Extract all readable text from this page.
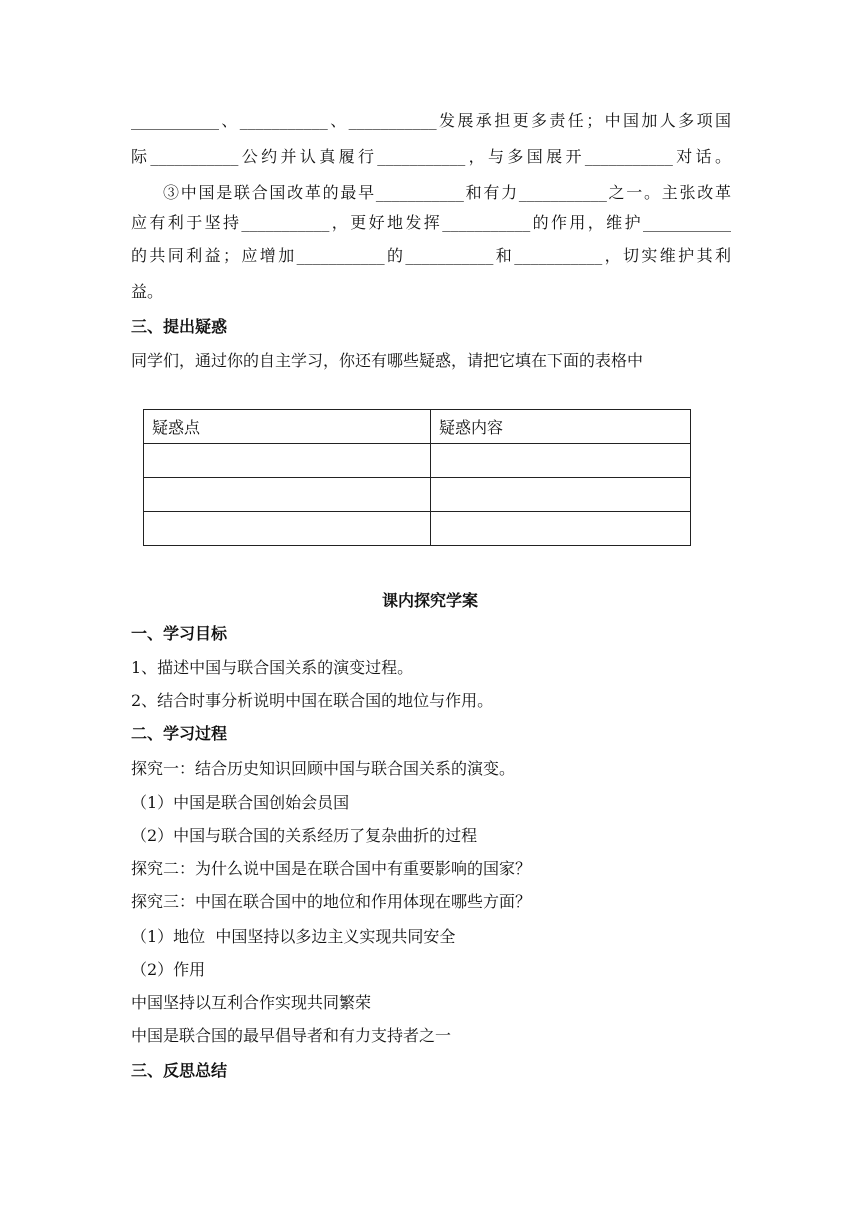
___________、___________、___________发展承担更多责任；中国加人多项国
际___________公约并认真履行___________，与多国展开___________对话。
③中国是联合国改革的最早___________和有力___________之一。主张改革
应有利于坚持___________，更好地发挥___________的作用，维护___________
的共同利益；应增加___________的___________和___________，切实维护其利
益。
三、提出疑惑
同学们，通过你的自主学习，你还有哪些疑惑，请把它填在下面的表格中
疑惑点	疑惑内容

课内探究学案
一、学习目标
1、描述中国与联合国关系的演变过程。
2、结合时事分析说明中国在联合国的地位与作用。
二、学习过程
探究一：结合历史知识回顾中国与联合国关系的演变。
（1）中国是联合国创始会员国
（2）中国与联合国的关系经历了复杂曲折的过程
探究二：为什么说中国是在联合国中有重要影响的国家？
探究三：中国在联合国中的地位和作用体现在哪些方面？
（1）地位  中国坚持以多边主义实现共同安全
（2）作用
中国坚持以互利合作实现共同繁荣
中国是联合国的最早倡导者和有力支持者之一
三、反思总结
